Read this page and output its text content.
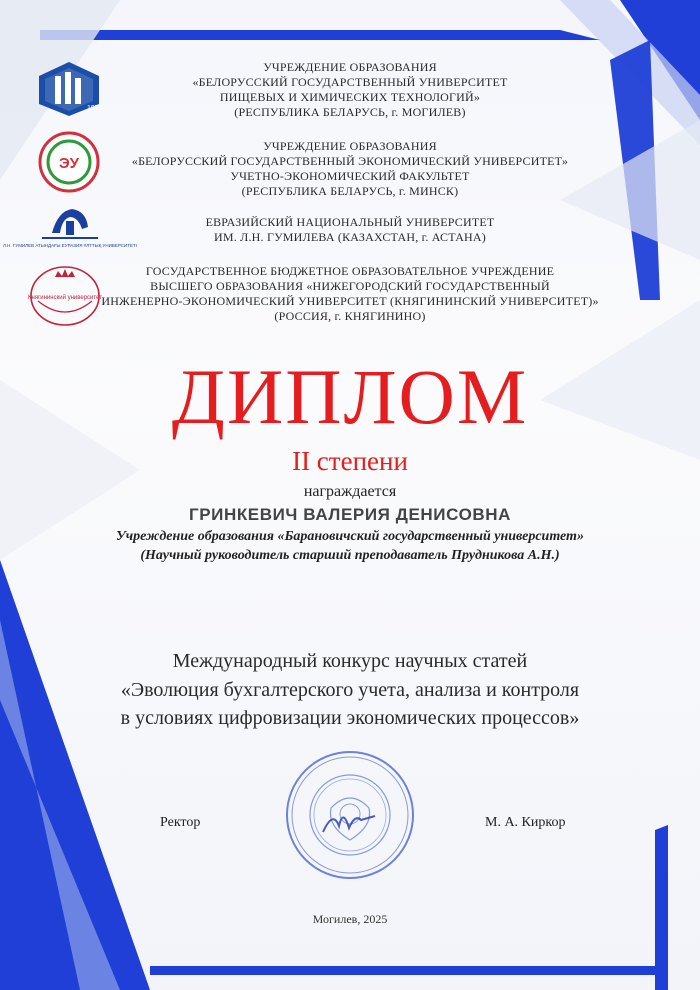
1973
ЭУ
Л.Н. ГУМИЛЕВ АТЫНДАҒЫ ЕУРАЗИЯ ҰЛТТЫҚ УНИВЕРСИТЕТІ
Княгининский университет
УЧРЕЖДЕНИЕ ОБРАЗОВАНИЯ
«БЕЛОРУССКИЙ ГОСУДАРСТВЕННЫЙ УНИВЕРСИТЕТ
ПИЩЕВЫХ И ХИМИЧЕСКИХ ТЕХНОЛОГИЙ»
(РЕСПУБЛИКА БЕЛАРУСЬ, г. МОГИЛЕВ)
УЧРЕЖДЕНИЕ ОБРАЗОВАНИЯ
«БЕЛОРУССКИЙ ГОСУДАРСТВЕННЫЙ ЭКОНОМИЧЕСКИЙ УНИВЕРСИТЕТ»
УЧЕТНО-ЭКОНОМИЧЕСКИЙ ФАКУЛЬТЕТ
(РЕСПУБЛИКА БЕЛАРУСЬ, г. МИНСК)
ЕВРАЗИЙСКИЙ НАЦИОНАЛЬНЫЙ УНИВЕРСИТЕТ
ИМ. Л.Н. ГУМИЛЕВА (КАЗАХСТАН, г. АСТАНА)
ГОСУДАРСТВЕННОЕ БЮДЖЕТНОЕ ОБРАЗОВАТЕЛЬНОЕ УЧРЕЖДЕНИЕ
ВЫСШЕГО ОБРАЗОВАНИЯ «НИЖЕГОРОДСКИЙ ГОСУДАРСТВЕННЫЙ
ИНЖЕНЕРНО-ЭКОНОМИЧЕСКИЙ УНИВЕРСИТЕТ (КНЯГИНИНСКИЙ УНИВЕРСИТЕТ)»
(РОССИЯ, г. КНЯГИНИНО)
ДИПЛОМ
II степени
награждается
ГРИНКЕВИЧ ВАЛЕРИЯ ДЕНИСОВНА
Учреждение образования «Барановичский государственный университет»
(Научный руководитель старший преподаватель Прудникова А.Н.)
Международный конкурс научных статей
«Эволюция бухгалтерского учета, анализа и контроля
в условиях цифровизации экономических процессов»
Ректор	М. А. Киркор
Могилев, 2025
